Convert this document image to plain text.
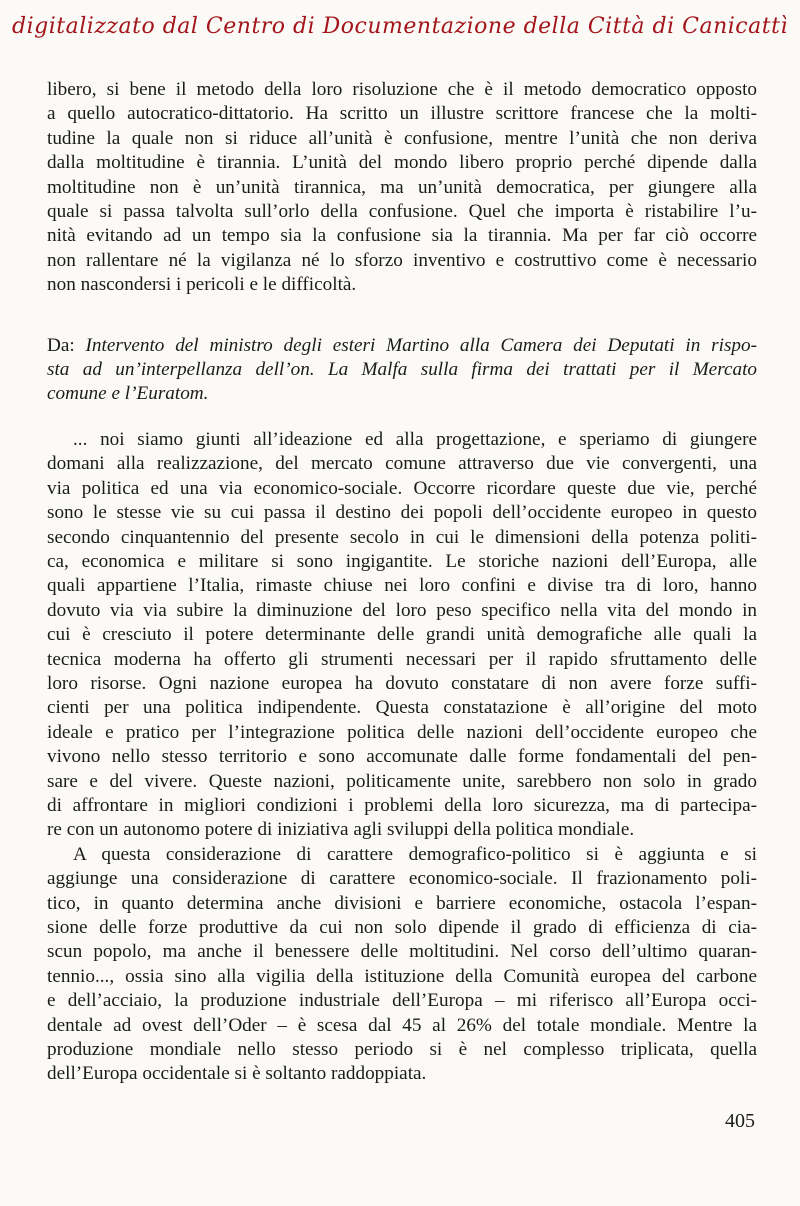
digitalizzato dal Centro di Documentazione della Città di Canicattì

libero, si bene il metodo della loro risoluzione che è il metodo democratico opposto
a quello autocratico-dittatorio. Ha scritto un illustre scrittore francese che la molti-
tudine la quale non si riduce all’unità è confusione, mentre l’unità che non deriva
dalla moltitudine è tirannia. L’unità del mondo libero proprio perché dipende dalla
moltitudine non è un’unità tirannica, ma un’unità democratica, per giungere alla
quale si passa talvolta sull’orlo della confusione. Quel che importa è ristabilire l’u-
nità evitando ad un tempo sia la confusione sia la tirannia. Ma per far ciò occorre
non rallentare né la vigilanza né lo sforzo inventivo e costruttivo come è necessario
non nascondersi i pericoli e le difficoltà.

Da: Intervento del ministro degli esteri Martino alla Camera dei Deputati in rispo-
sta ad un’interpellanza dell’on. La Malfa sulla firma dei trattati per il Mercato
comune e l’Euratom.

... noi siamo giunti all’ideazione ed alla progettazione, e speriamo di giungere
domani alla realizzazione, del mercato comune attraverso due vie convergenti, una
via politica ed una via economico-sociale. Occorre ricordare queste due vie, perché
sono le stesse vie su cui passa il destino dei popoli dell’occidente europeo in questo
secondo cinquantennio del presente secolo in cui le dimensioni della potenza politi-
ca, economica e militare si sono ingigantite. Le storiche nazioni dell’Europa, alle
quali appartiene l’Italia, rimaste chiuse nei loro confini e divise tra di loro, hanno
dovuto via via subire la diminuzione del loro peso specifico nella vita del mondo in
cui è cresciuto il potere determinante delle grandi unità demografiche alle quali la
tecnica moderna ha offerto gli strumenti necessari per il rapido sfruttamento delle
loro risorse. Ogni nazione europea ha dovuto constatare di non avere forze suffi-
cienti per una politica indipendente. Questa constatazione è all’origine del moto
ideale e pratico per l’integrazione politica delle nazioni dell’occidente europeo che
vivono nello stesso territorio e sono accomunate dalle forme fondamentali del pen-
sare e del vivere. Queste nazioni, politicamente unite, sarebbero non solo in grado
di affrontare in migliori condizioni i problemi della loro sicurezza, ma di partecipa-
re con un autonomo potere di iniziativa agli sviluppi della politica mondiale.

A questa considerazione di carattere demografico-politico si è aggiunta e si
aggiunge una considerazione di carattere economico-sociale. Il frazionamento poli-
tico, in quanto determina anche divisioni e barriere economiche, ostacola l’espan-
sione delle forze produttive da cui non solo dipende il grado di efficienza di cia-
scun popolo, ma anche il benessere delle moltitudini. Nel corso dell’ultimo quaran-
tennio..., ossia sino alla vigilia della istituzione della Comunità europea del carbone
e dell’acciaio, la produzione industriale dell’Europa – mi riferisco all’Europa occi-
dentale ad ovest dell’Oder – è scesa dal 45 al 26% del totale mondiale. Mentre la
produzione mondiale nello stesso periodo si è nel complesso triplicata, quella
dell’Europa occidentale si è soltanto raddoppiata.

405
